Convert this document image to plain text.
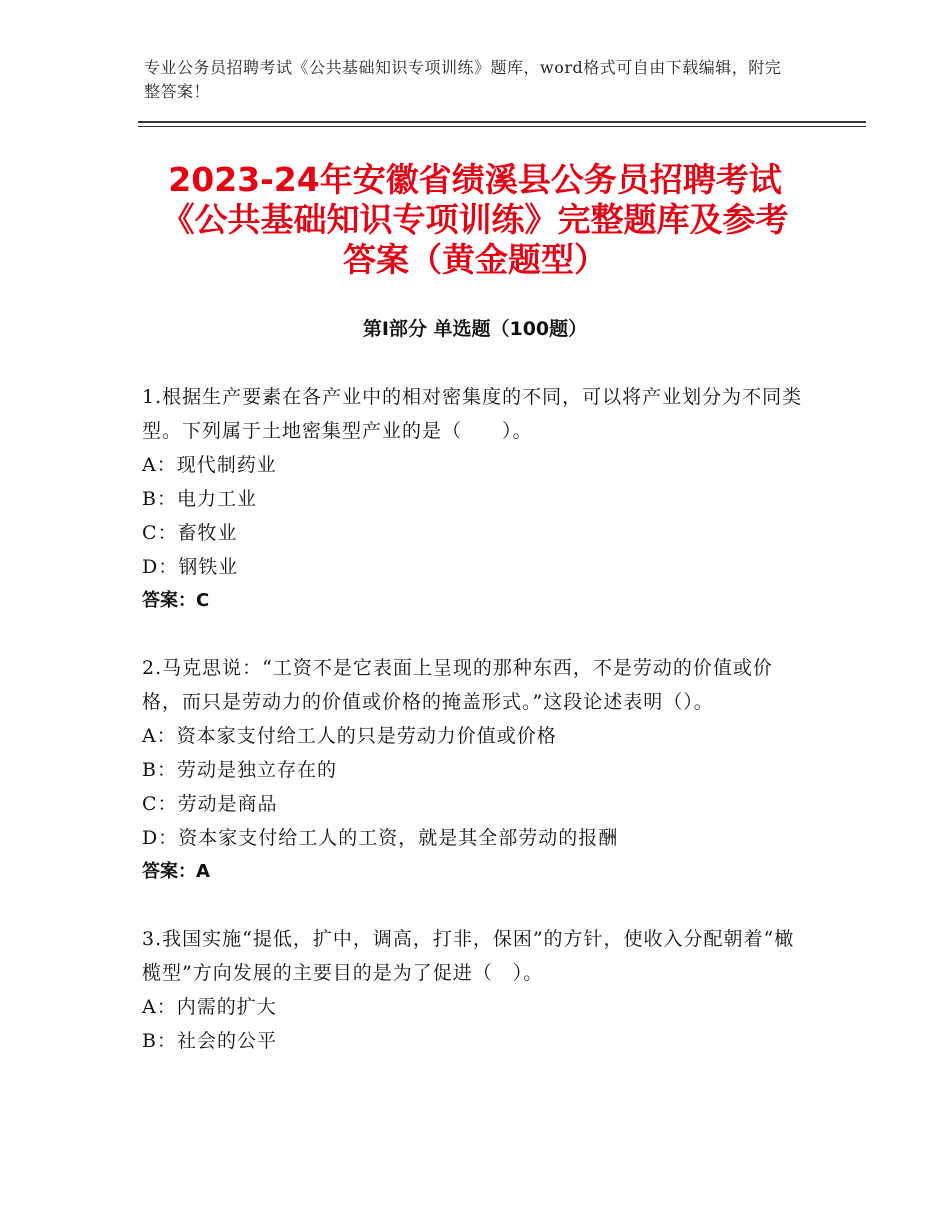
专业公务员招聘考试《公共基础知识专项训练》题库，word格式可自由下载编辑，附完整答案！
2023-24年安徽省绩溪县公务员招聘考试
《公共基础知识专项训练》完整题库及参考
答案（黄金题型）
第Ⅰ部分 单选题（100题）
1.根据生产要素在各产业中的相对密集度的不同，可以将产业划分为不同类型。下列属于土地密集型产业的是（　　）。
A：现代制药业
B：电力工业
C：畜牧业
D：钢铁业
答案：C
2.马克思说：“工资不是它表面上呈现的那种东西，不是劳动的价值或价格，而只是劳动力的价值或价格的掩盖形式。”这段论述表明（）。
A：资本家支付给工人的只是劳动力价值或价格
B：劳动是独立存在的
C：劳动是商品
D：资本家支付给工人的工资，就是其全部劳动的报酬
答案：A
3.我国实施“提低，扩中，调高，打非，保困”的方针，使收入分配朝着“橄榄型”方向发展的主要目的是为了促进（　）。
A：内需的扩大
B：社会的公平
